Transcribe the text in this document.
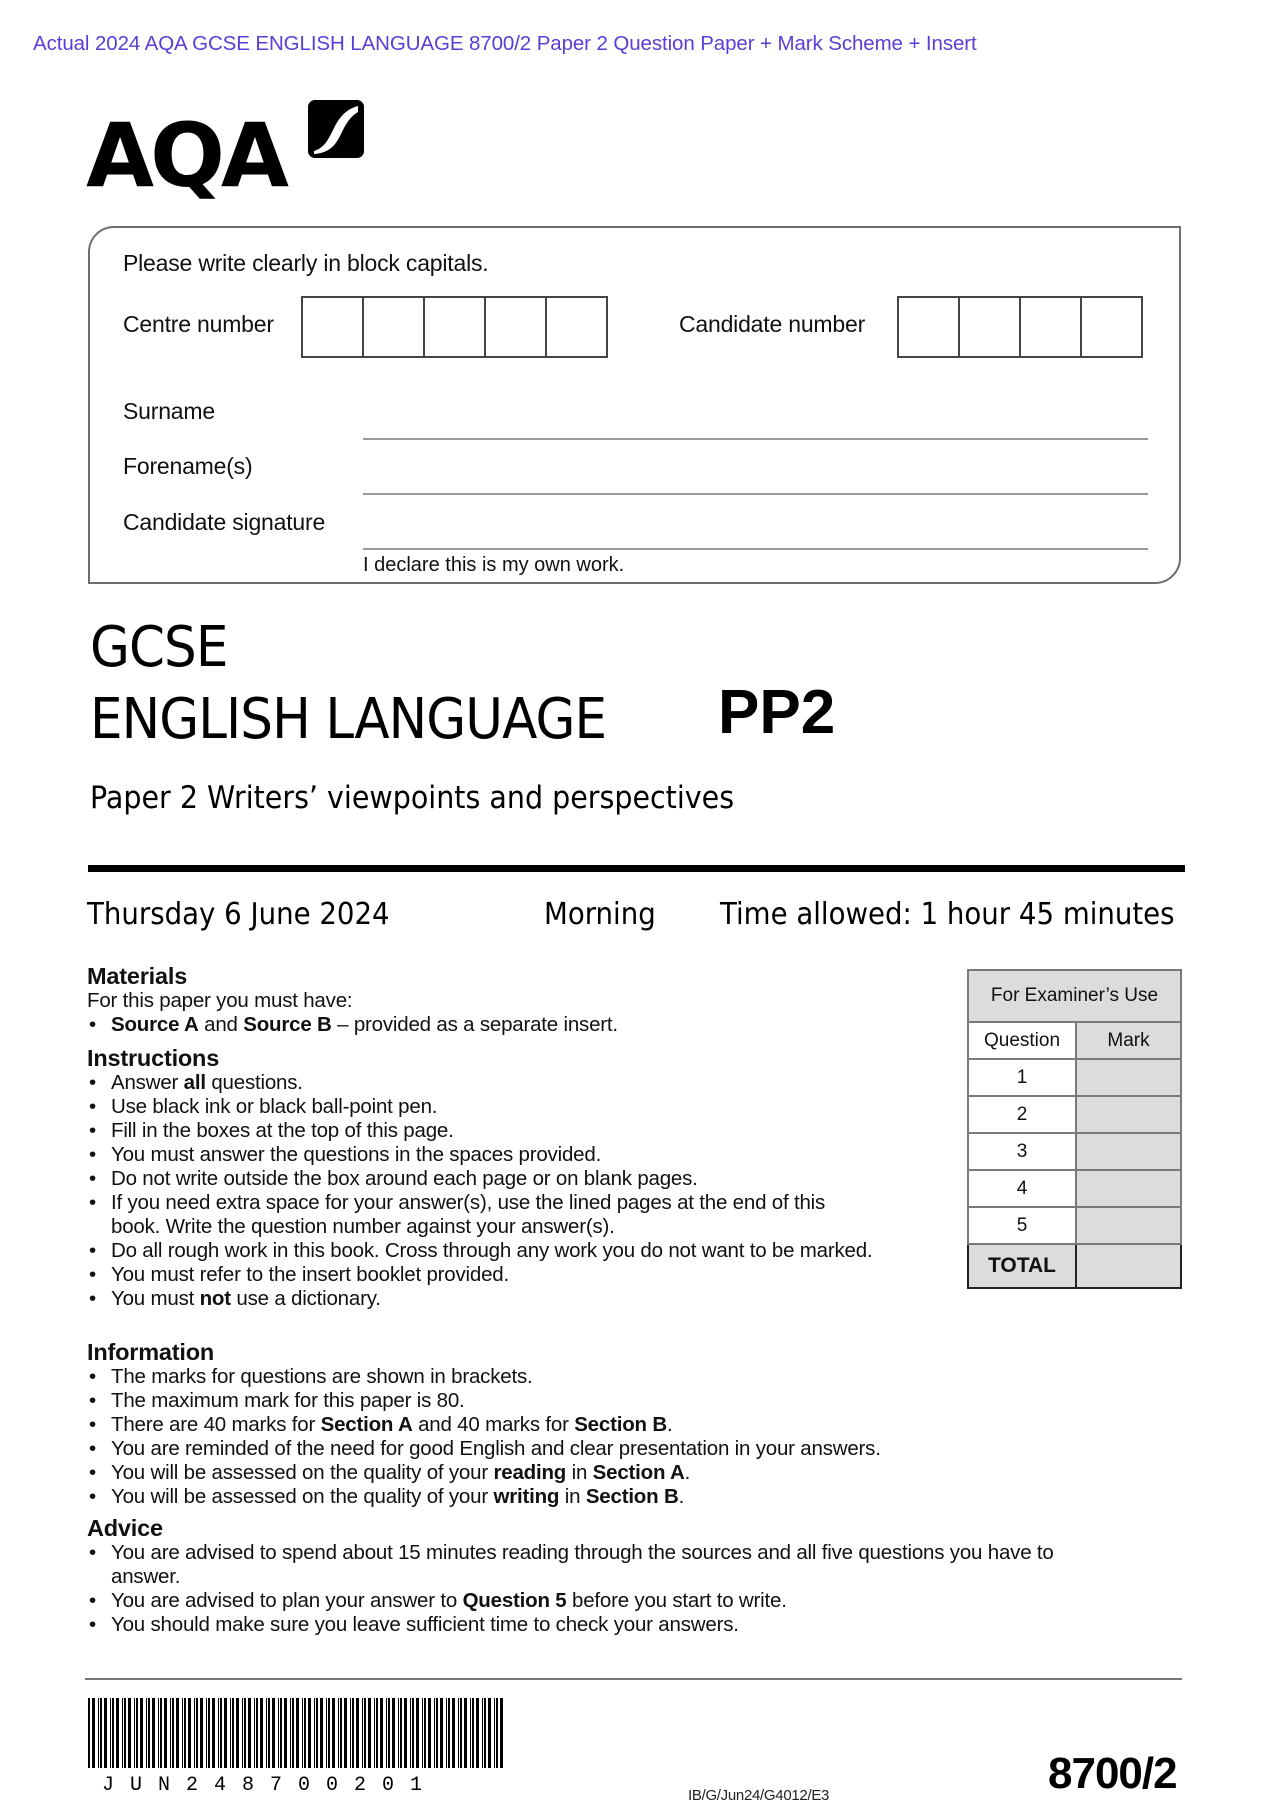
Actual 2024 AQA GCSE ENGLISH LANGUAGE 8700/2 Paper 2 Question Paper + Mark Scheme + Insert
AQA
Please write clearly in block capitals.
Centre number	Candidate number
Surname
Forename(s)
Candidate signature
I declare this is my own work.
GCSE
ENGLISH LANGUAGE PP2
Paper 2 Writers’ viewpoints and perspectives
Thursday 6 June 2024	Morning Time allowed: 1 hour 45 minutes
Materials
For this paper you must have:
• Source A and Source B – provided as a separate insert.
Instructions
• Answer all questions.
• Use black ink or black ball-point pen.
• Fill in the boxes at the top of this page.
• You must answer the questions in the spaces provided.
• Do not write outside the box around each page or on blank pages.
• If you need extra space for your answer(s), use the lined pages at the end of this book. Write the question number against your answer(s).
• Do all rough work in this book. Cross through any work you do not want to be marked.
• You must refer to the insert booklet provided.
• You must not use a dictionary.
Information
• The marks for questions are shown in brackets.
• The maximum mark for this paper is 80.
• There are 40 marks for Section A and 40 marks for Section B.
• You are reminded of the need for good English and clear presentation in your answers.
• You will be assessed on the quality of your reading in Section A.
• You will be assessed on the quality of your writing in Section B.
Advice
• You are advised to spend about 15 minutes reading through the sources and all five questions you have to answer.
• You are advised to plan your answer to Question 5 before you start to write.
• You should make sure you leave sufficient time to check your answers.
For Examiner’s Use	
Question	Mark
1	
2	
3	
4	
5	
TOTAL	
JUN248700201	IB/G/Jun24/G4012/E3	8700/2
